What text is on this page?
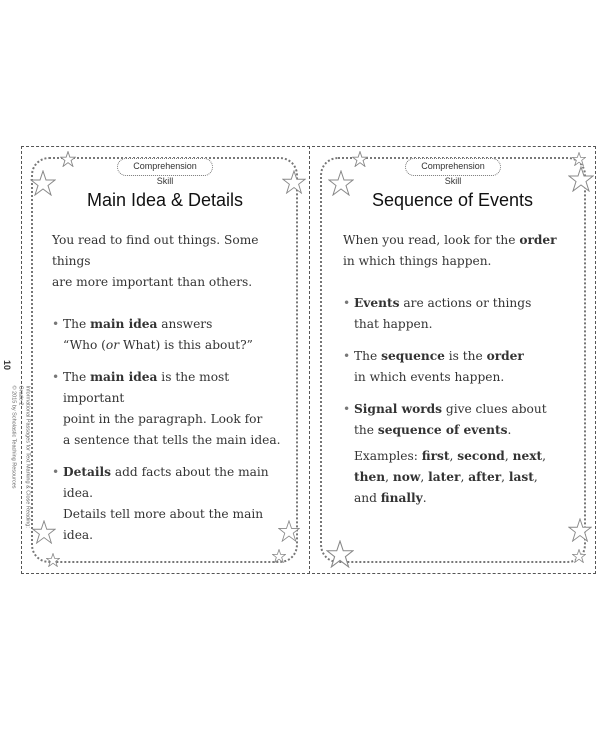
10
Informational Passages for Text Marking & Close Reading: Grade 2
© 2015 by Scholastic Teaching Resources
Comprehension Skill
Main Idea & Details

You read to find out things. Some things
are more important than others.

• The main idea answers
“Who (or What) is this about?”
• The main idea is the most important
point in the paragraph. Look for
a sentence that tells the main idea.
• Details add facts about the main idea.
Details tell more about the main idea.
Comprehension Skill
Sequence of Events

When you read, look for the order
in which things happen.

• Events are actions or things
that happen.
• The sequence is the order
in which events happen.
• Signal words give clues about
the sequence of events.

Examples: first, second, next,
then, now, later, after, last,
and finally.
